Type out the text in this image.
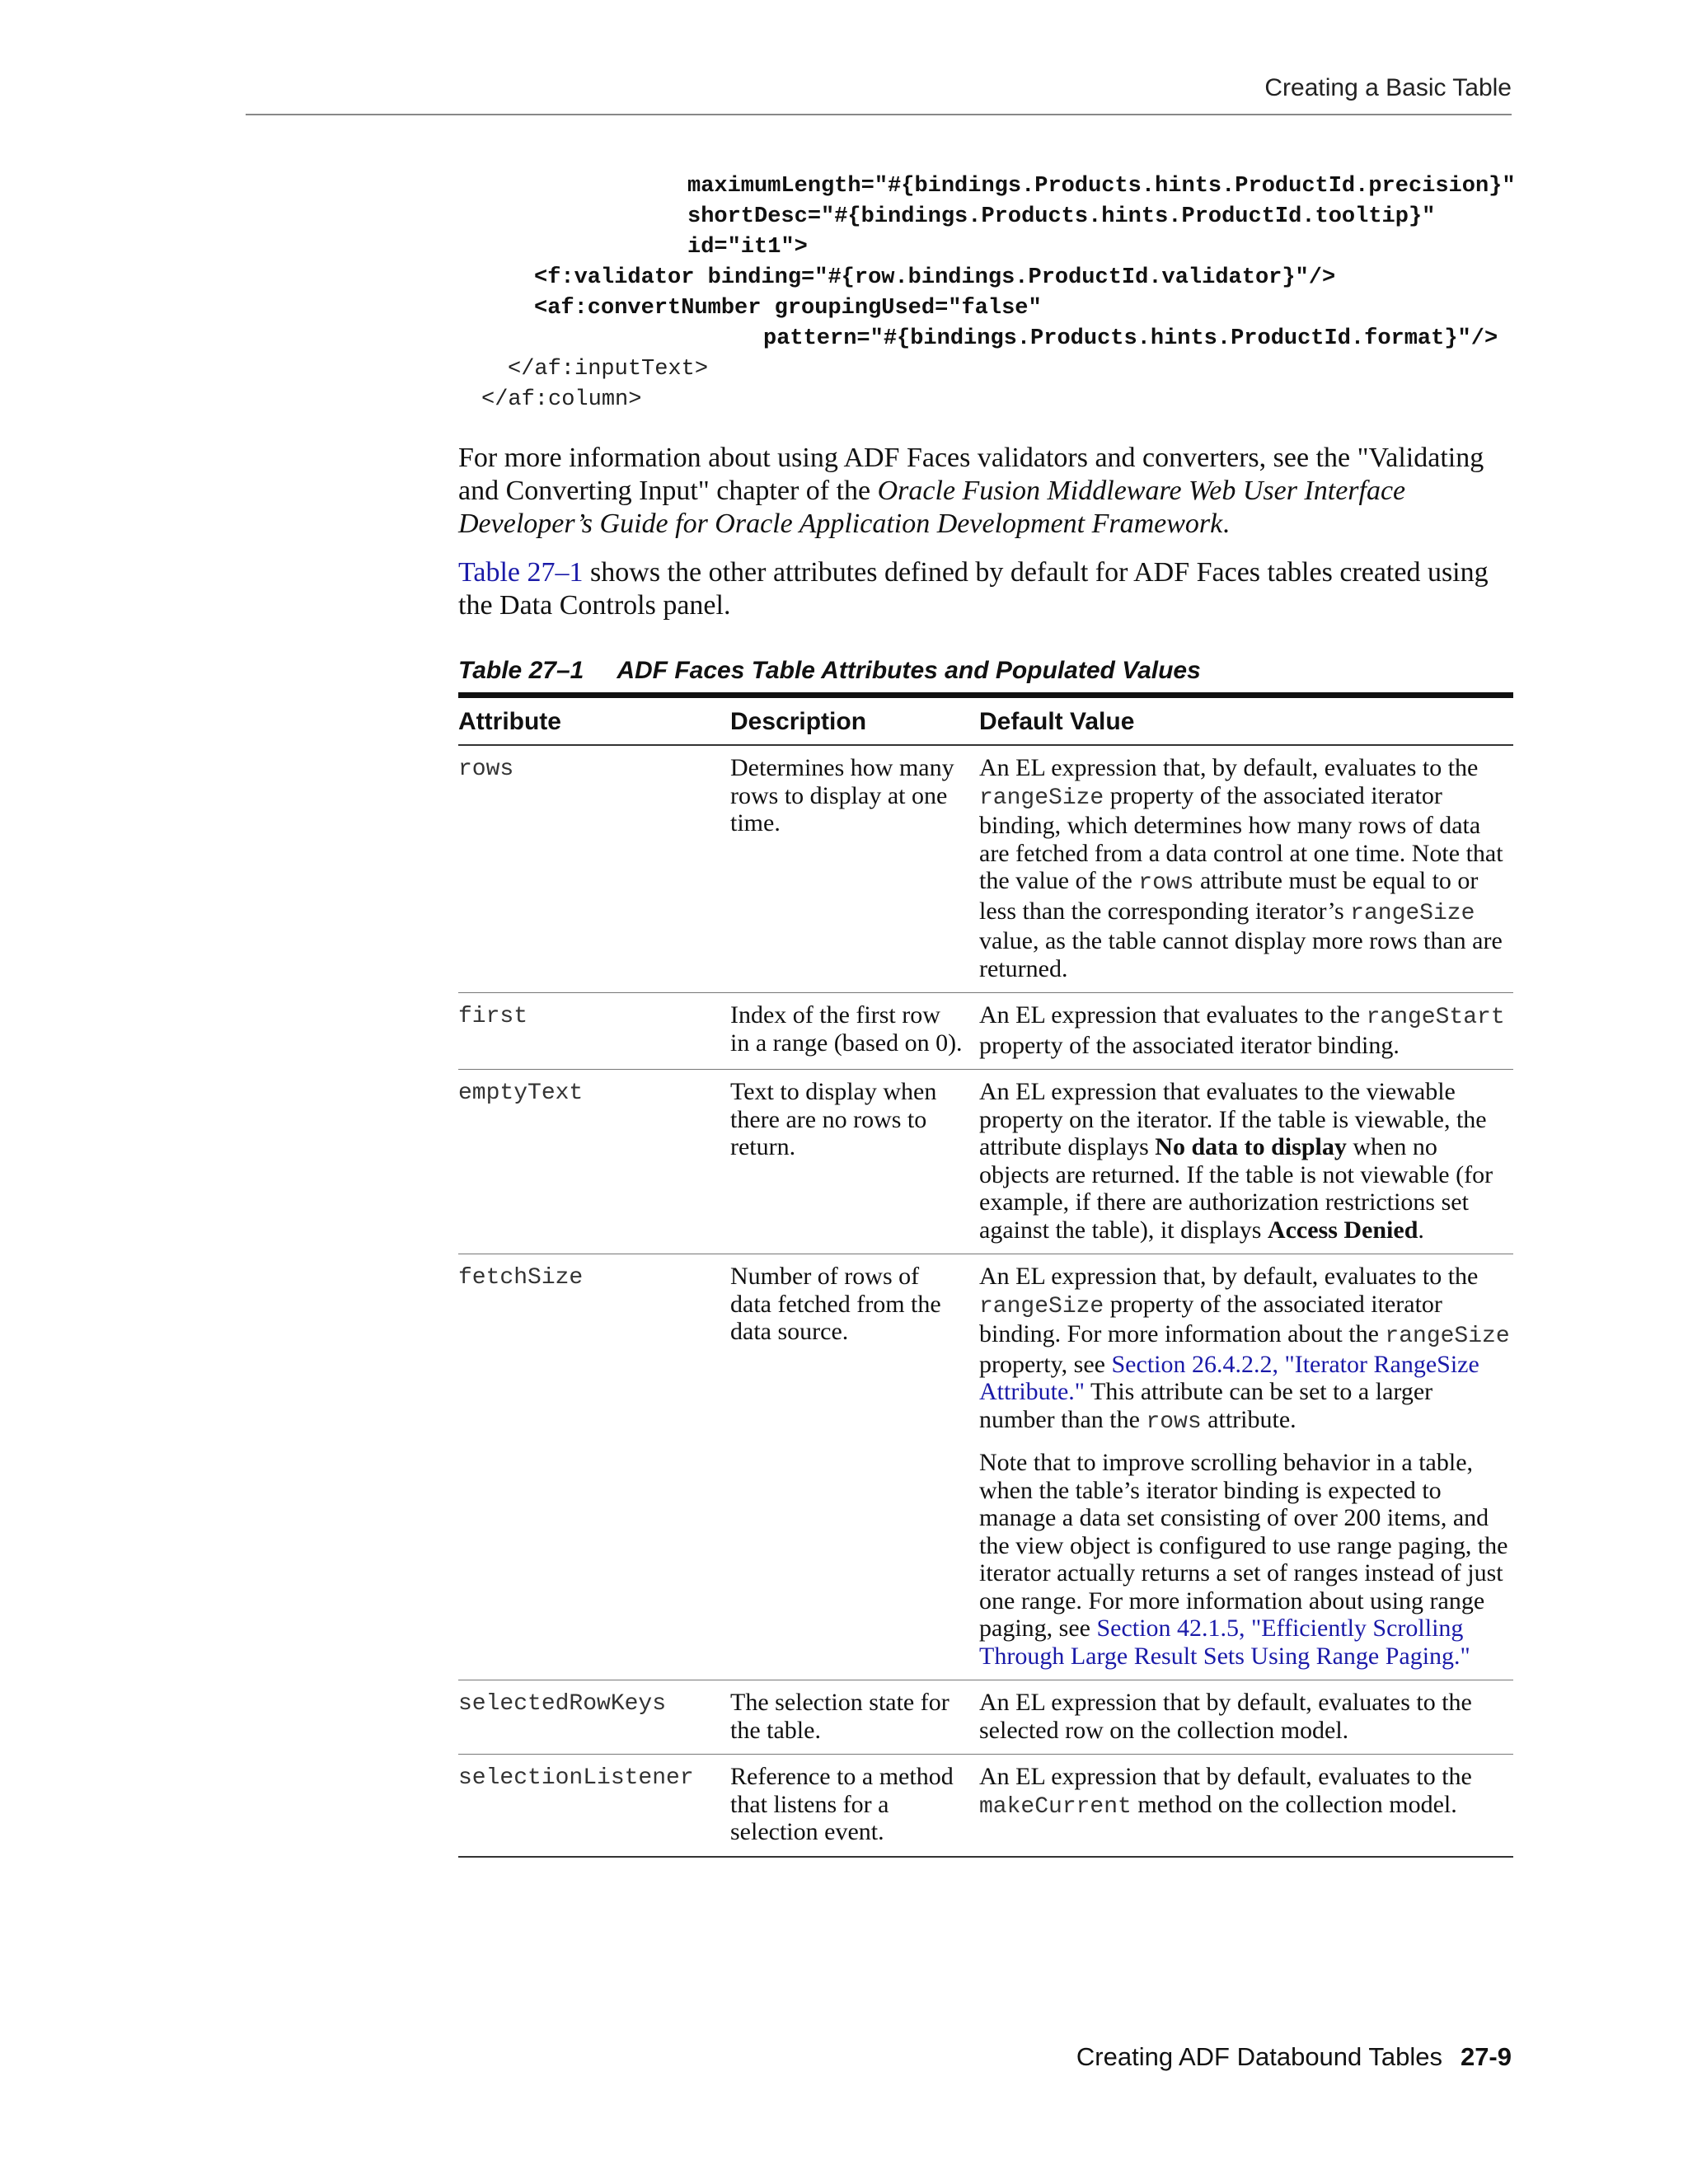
Creating a Basic Table
maximumLength="#{bindings.Products.hints.ProductId.precision}"
shortDesc="#{bindings.Products.hints.ProductId.tooltip}"
id="it1">
<f:validator binding="#{row.bindings.ProductId.validator}"/>
<af:convertNumber groupingUsed="false"
pattern="#{bindings.Products.hints.ProductId.format}"/>
</af:inputText>
</af:column>

For more information about using ADF Faces validators and converters, see the "Validating and Converting Input" chapter of the Oracle Fusion Middleware Web User Interface Developer’s Guide for Oracle Application Development Framework.

Table 27–1 shows the other attributes defined by default for ADF Faces tables created using the Data Controls panel.

Table 27–1 ADF Faces Table Attributes and Populated Values
Attribute	Description	Default Value
rows	Determines how many rows to display at one time.	An EL expression that, by default, evaluates to the rangeSize property of the associated iterator binding, which determines how many rows of data are fetched from a data control at one time. Note that the value of the rows attribute must be equal to or less than the corresponding iterator’s rangeSize value, as the table cannot display more rows than are returned.
first	Index of the first row in a range (based on 0).	An EL expression that evaluates to the rangeStart property of the associated iterator binding.
emptyText	Text to display when there are no rows to return.	An EL expression that evaluates to the viewable property on the iterator. If the table is viewable, the attribute displays No data to display when no objects are returned. If the table is not viewable (for example, if there are authorization restrictions set against the table), it displays Access Denied.
fetchSize	Number of rows of data fetched from the data source.	An EL expression that, by default, evaluates to the rangeSize property of the associated iterator binding. For more information about the rangeSize property, see Section 26.4.2.2, "Iterator RangeSize Attribute." This attribute can be set to a larger number than the rows attribute.
Note that to improve scrolling behavior in a table, when the table’s iterator binding is expected to manage a data set consisting of over 200 items, and the view object is configured to use range paging, the iterator actually returns a set of ranges instead of just one range. For more information about using range paging, see Section 42.1.5, "Efficiently Scrolling Through Large Result Sets Using Range Paging."

selectedRowKeys	The selection state for the table.	An EL expression that by default, evaluates to the selected row on the collection model.
selectionListener	Reference to a method that listens for a selection event.	An EL expression that by default, evaluates to the makeCurrent method on the collection model.
Creating ADF Databound Tables 27-9
